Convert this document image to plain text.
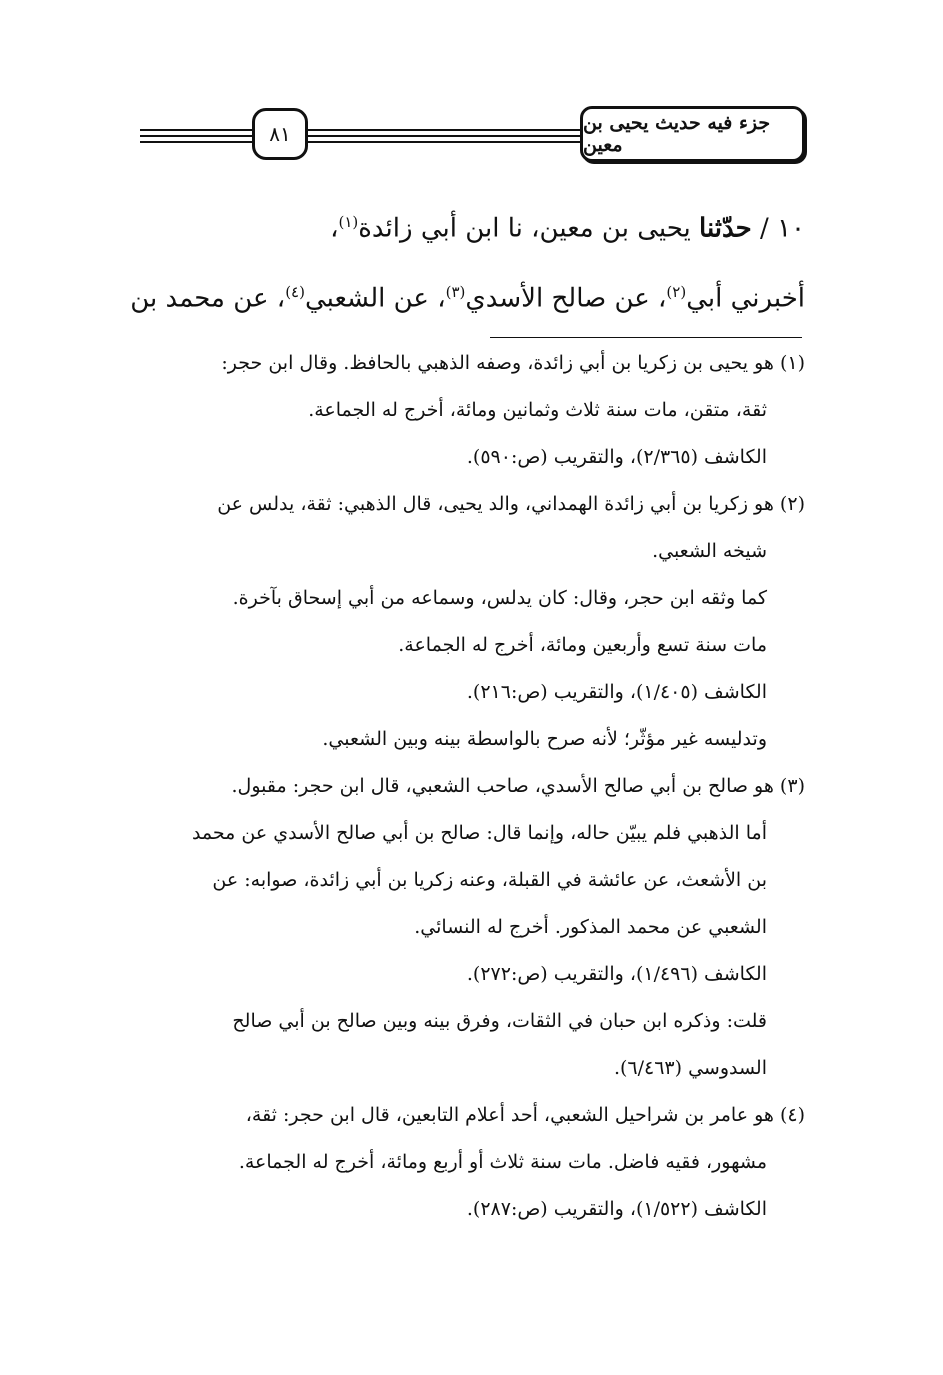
٨١	جزء فيه حديث يحيى بن معين
١٠ / حدّثنا يحيى بن معين، نا ابن أبي زائدة$^{(١)}$،
أخبرني أبي$^{(٢)}$، عن صالح الأسدي$^{(٣)}$، عن الشعبي$^{(٤)}$، عن محمد بن
(١) هو يحيى بن زكريا بن أبي زائدة، وصفه الذهبي بالحافظ. وقال ابن حجر:
ثقة، متقن، مات سنة ثلاث وثمانين ومائة، أخرج له الجماعة.
الكاشف (٢/٣٦٥)، والتقريب (ص:٥٩٠).
(٢) هو زكريا بن أبي زائدة الهمداني، والد يحيى، قال الذهبي: ثقة، يدلس عن
شيخه الشعبي.
كما وثقه ابن حجر، وقال: كان يدلس، وسماعه من أبي إسحاق بآخرة.
مات سنة تسع وأربعين ومائة، أخرج له الجماعة.
الكاشف (١/٤٠٥)، والتقريب (ص:٢١٦).
وتدليسه غير مؤثّر؛ لأنه صرح بالواسطة بينه وبين الشعبي.
(٣) هو صالح بن أبي صالح الأسدي، صاحب الشعبي، قال ابن حجر: مقبول.
أما الذهبي فلم يبيّن حاله، وإنما قال: صالح بن أبي صالح الأسدي عن محمد
بن الأشعث، عن عائشة في القبلة، وعنه زكريا بن أبي زائدة، صوابه: عن
الشعبي عن محمد المذكور. أخرج له النسائي.
الكاشف (١/٤٩٦)، والتقريب (ص:٢٧٢).
قلت: وذكره ابن حبان في الثقات، وفرق بينه وبين صالح بن أبي صالح
السدوسي (٦/٤٦٣).
(٤) هو عامر بن شراحيل الشعبي، أحد أعلام التابعين، قال ابن حجر: ثقة،
مشهور، فقيه فاضل. مات سنة ثلاث أو أربع ومائة، أخرج له الجماعة.
الكاشف (١/٥٢٢)، والتقريب (ص:٢٨٧).
